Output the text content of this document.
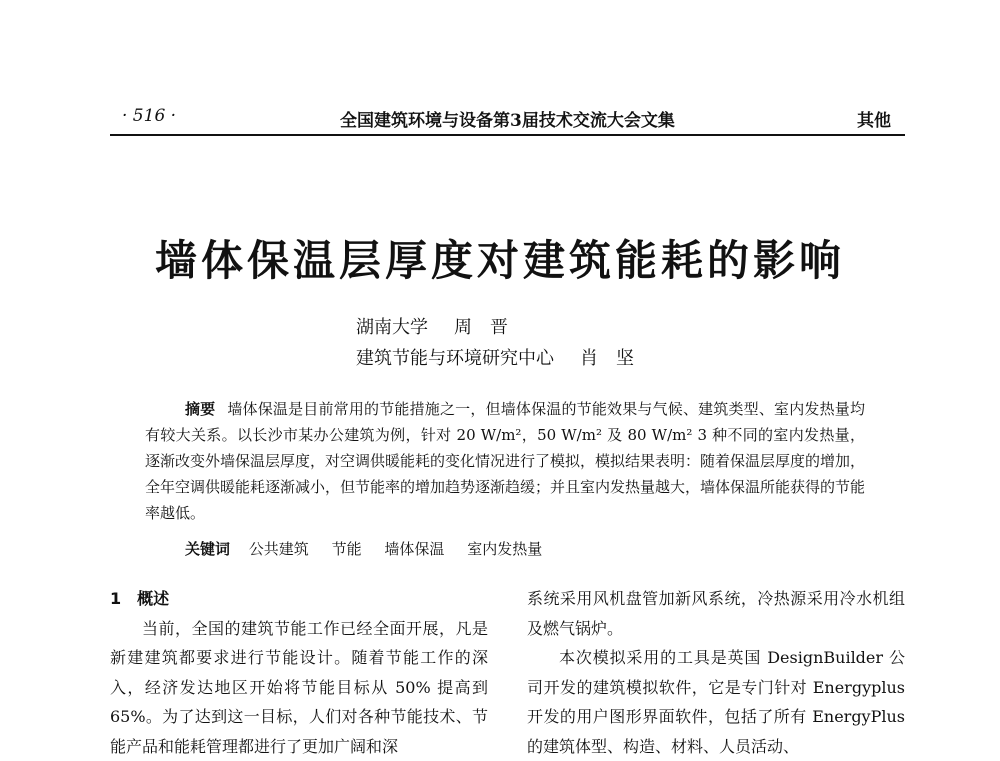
· 516 ·	全国建筑环境与设备第3届技术交流大会文集	其他
墙体保温层厚度对建筑能耗的影响
湖南大学 周　晋
建筑节能与环境研究中心 肖　坚

摘要 墙体保温是目前常用的节能措施之一，但墙体保温的节能效果与气候、建筑类型、室内发热量均有较大关系。以长沙市某办公建筑为例，针对 20 W/m²，50 W/m² 及 80 W/m² 3 种不同的室内发热量，逐渐改变外墙保温层厚度，对空调供暖能耗的变化情况进行了模拟，模拟结果表明：随着保温层厚度的增加，全年空调供暖能耗逐渐减小，但节能率的增加趋势逐渐趋缓；并且室内发热量越大，墙体保温所能获得的节能率越低。

关键词 公共建筑 节能 墙体保温 室内发热量

1　概述

当前，全国的建筑节能工作已经全面开展，凡是新建建筑都要求进行节能设计。随着节能工作的深入，经济发达地区开始将节能目标从 50% 提高到 65%。为了达到这一目标，人们对各种节能技术、节能产品和能耗管理都进行了更加广阔和深

系统采用风机盘管加新风系统，冷热源采用冷水机组及燃气锅炉。

本次模拟采用的工具是英国 DesignBuilder 公司开发的建筑模拟软件，它是专门针对 Energyplus 开发的用户图形界面软件，包括了所有 EnergyPlus 的建筑体型、构造、材料、人员活动、
